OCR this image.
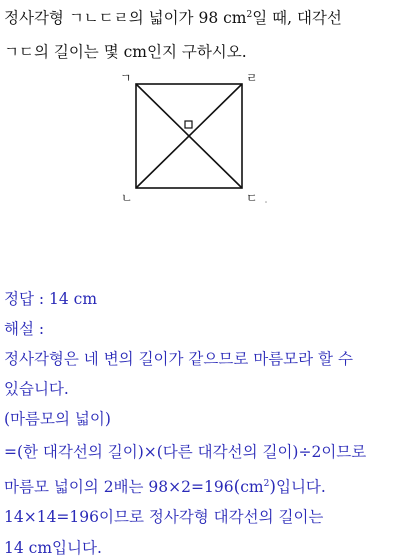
정사각형 ㄱㄴㄷㄹ의 넓이가 98 $cm^2$일 때, 대각선
ㄱㄷ의 길이는 몇 cm인지 구하시오.
ㄱ	ㄹ
ㄴ	ㄷ
정답 : 14 cm
해설 :
정사각형은 네 변의 길이가 같으므로 마름모라 할 수
있습니다.
(마름모의 넓이)
=(한 대각선의 길이)×(다른 대각선의 길이)÷2이므로
마름모 넓이의 2배는 $98\times 2=196(cm^2)$입니다.
14×14=196이므로 정사각형 대각선의 길이는
14 cm입니다.
